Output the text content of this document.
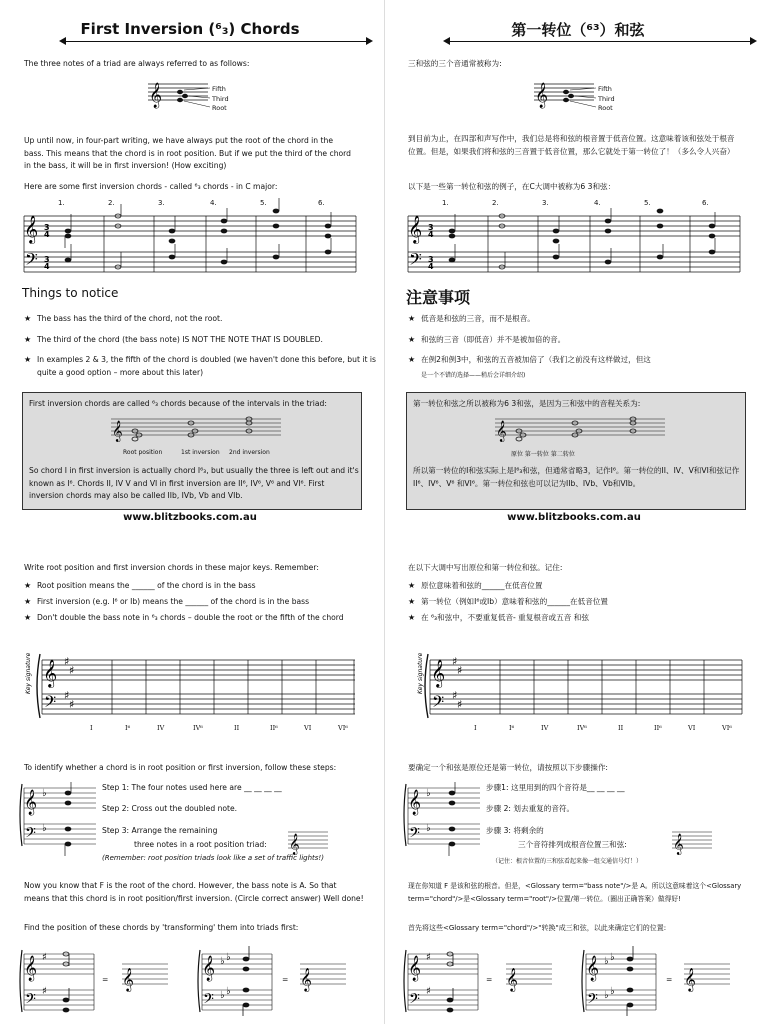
First Inversion (⁶₃) Chords
The three notes of a triad are always referred to as follows:
𝄞	Fifth
Third
Root
Up until now, in four-part writing, we have always put the root of the chord in the bass. This means that the chord is in root position. But if we put the third of the chord in the bass, it will be in first inversion! (How exciting)
Here are some first inversion chords - called ⁶₃ chords - in C major:
1.	2.	3.	4.	5.	6.
𝄞
𝄢
3
4
3
4
Things to notice
★ The bass has the third of the chord, not the root.
★ The third of the chord (the bass note) IS NOT THE NOTE THAT IS DOUBLED.
★ In examples 2 & 3, the fifth of the chord is doubled (we haven't done this before, but it is quite a good option – more about this later)
First inversion chords are called ⁶₃ chords because of the intervals in the triad:
𝄞
Root position	1st inversion 2nd inversion
So chord I in first inversion is actually chord I⁶₃, but usually the three is left out and it's known as I⁶. Chords II, IV V and VI in first inversion are II⁶, IV⁶, V⁶ and VI⁶. First inversion chords may also be called IIb, IVb, Vb and VIb.
www.blitzbooks.com.au
Write root position and first inversion chords in these major keys. Remember:
★ Root position means the ______ of the chord is in the bass
★ First inversion (e.g. I⁶ or Ib) means the ______ of the chord is in the bass
★ Don't double the bass note in ⁶₃ chords – double the root or the fifth of the chord
Key signature 𝄞
𝄢
♯
♯
♯
♯
I	I⁶	IV	IV⁶	II	II⁶	VI	VI⁶
To identify whether a chord is in root position or first inversion, follow these steps:
𝄞
𝄢
♭
♭
Step 1: The four notes used here are __ __ __ __
Step 2: Cross out the doubled note.
Step 3: Arrange the remaining
three notes in a root position triad:	𝄞
(Remember: root position triads look like a set of traffic lights!)
Now you know that F is the root of the chord. However, the bass note is A. So that means that this chord is in root position/first inversion. (Circle correct answer) Well done!
Find the position of these chords by 'transforming' them into triads first:
𝄞
𝄢
♯
♯
𝄞
=	𝄞
𝄢
♭ ♭
♭ ♭
𝄞
=
第一转位（⁶³）和弦
三和弦的三个音通常被称为:
𝄞	Fifth
Third
Root
到目前为止，在四部和声写作中，我们总是将和弦的根音置于低音位置。这意味着该和弦处于根音位置。但是，如果我们将和弦的三音置于低音位置，那么它就处于第一转位了！（多么令人兴奋）
以下是一些第一转位和弦的例子，在C大调中被称为6 3和弦：
1.	2.	3.	4.	5.	6.
𝄞
𝄢
3
4
3
4
注意事项
★ 低音是和弦的三音，而不是根音。
★ 和弦的三音（即低音）并不是被加倍的音。
★ 在例2和例3中，和弦的五音被加倍了（我们之前没有这样做过，但这
是一个不错的选择——稍后会详细介绍)
第一转位和弦之所以被称为6 3和弦，是因为三和弦中的音程关系为:
𝄞
原位 第一转位 第二转位
所以第一转位的I和弦实际上是I⁶₃和弦，但通常省略3，记作I⁶。第一转位的II、IV、V和VI和弦记作II⁶、IV⁶、V⁶ 和VI⁶。第一转位和弦也可以记为IIb、IVb、Vb和VIb。
www.blitzbooks.com.au
在以下大调中写出原位和第一转位和弦。记住:
★ 原位意味着和弦的______在低音位置
★ 第一转位（例如I⁶或Ib）意味着和弦的______在低音位置
★ 在 ⁶₃和弦中，不要重复低音- 重复根音或五音 和弦
Key signature 𝄞
𝄢
♯
♯
♯
♯
I	I⁶	IV	IV⁶	II	II⁶	VI	VI⁶
要确定一个和弦是原位还是第一转位，请按照以下步骤操作:
𝄞
𝄢
♭
♭
步骤1: 这里用到的四个音符是__ __ __ __
步骤 2: 划去重复的音符。
步骤 3: 将剩余的
三个音符排列成根音位置三和弦:	𝄞
（记住：根音位置的三和弦看起来像一组交通信号灯！）
现在你知道 F 是该和弦的根音。但是，<Glossary term="bass note"/>是 A。所以这意味着这个<Glossary term="chord"/>是<Glossary term="root"/>位置/第一转位。（圈出正确答案）做得好!
首先将这些<Glossary term="chord"/>"转换"成三和弦，以此来确定它们的位置:
𝄞
𝄢
♯
♯
𝄞
=	𝄞
𝄢
♭ ♭
♭ ♭
𝄞
=
